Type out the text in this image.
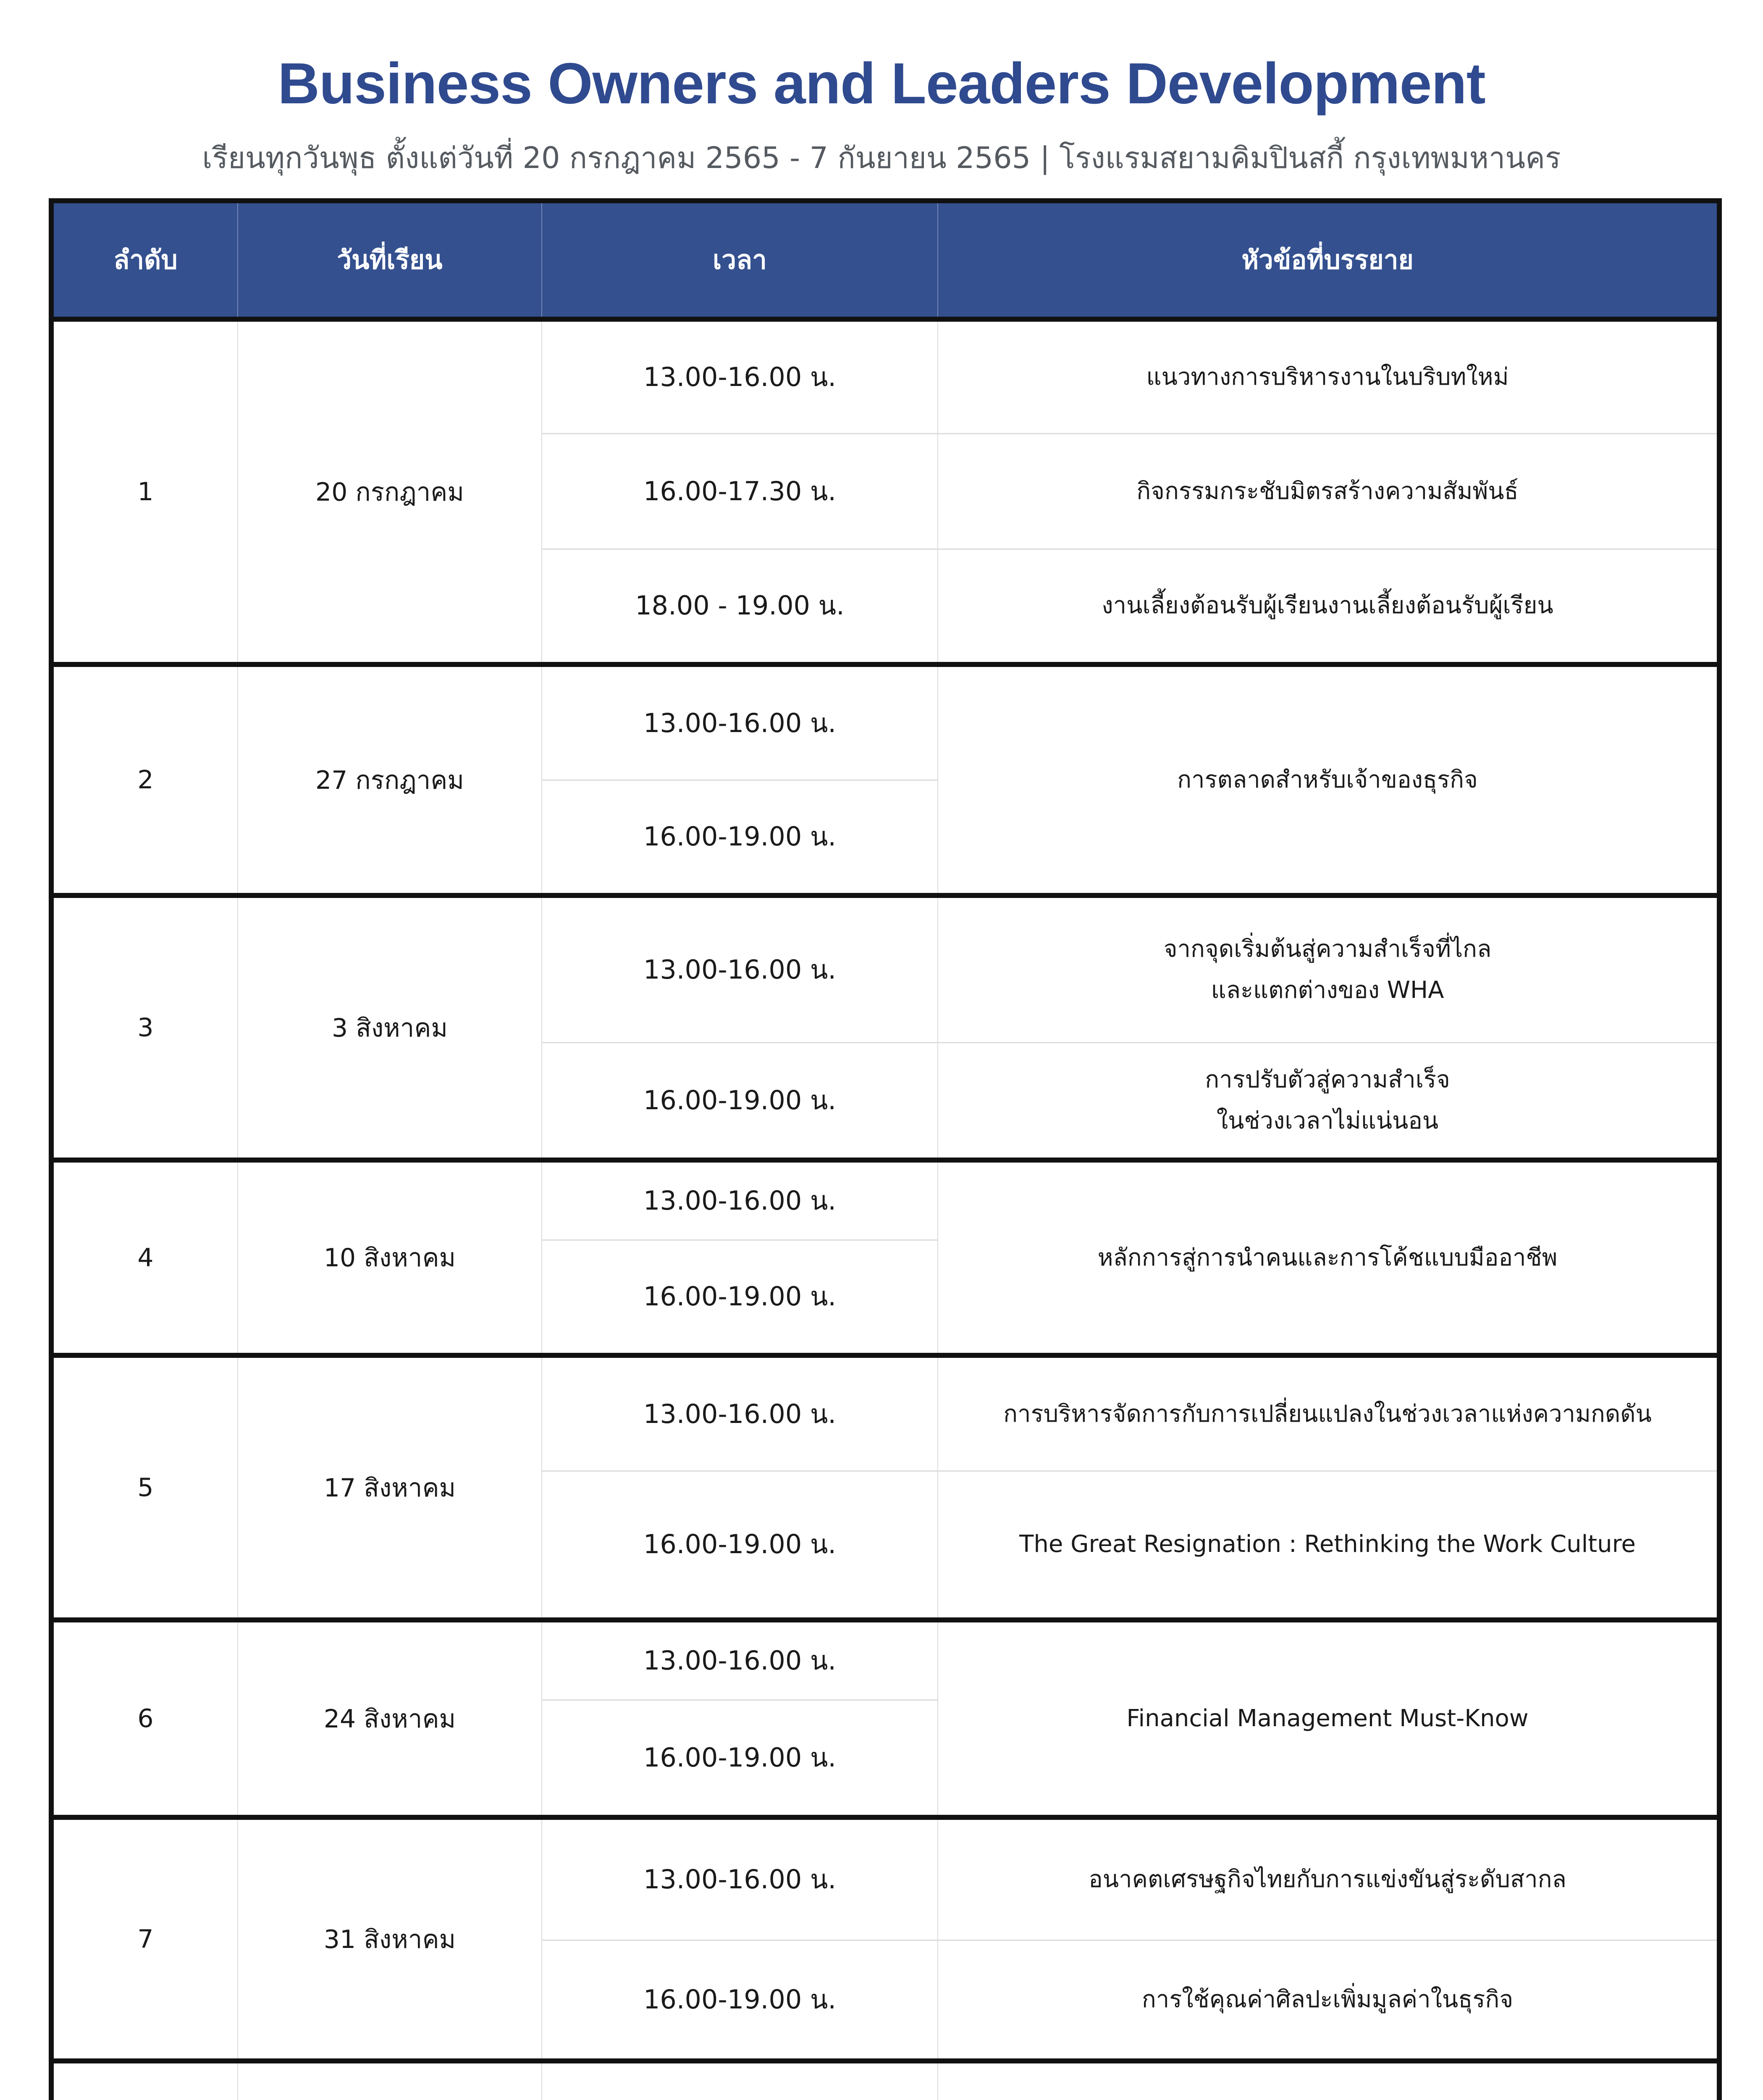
Business Owners and Leaders Development
เรียนทุกวันพุธ ตั้งแต่วันที่ 20 กรกฎาคม 2565 - 7 กันยายน 2565 | โรงแรมสยามคิมปินสกี้ กรุงเทพมหานคร
ลำดับ	วันที่เรียน	เวลา	หัวข้อที่บรรยาย
1	20 กรกฎาคม	13.00-16.00 น.	แนวทางการบริหารงานในบริบทใหม่

		16.00-17.30 น.	กิจกรรมกระชับมิตรสร้างความสัมพันธ์

		18.00 - 19.00 น.	งานเลี้ยงต้อนรับผู้เรียนงานเลี้ยงต้อนรับผู้เรียน

2	27 กรกฎาคม	13.00-16.00 น.	การตลาดสำหรับเจ้าของธุรกิจ

		16.00-19.00 น.	
3	3 สิงหาคม	13.00-16.00 น.	จากจุดเริ่มต้นสู่ความสำเร็จที่ไกล
และแตกต่างของ WHA

		16.00-19.00 น.	การปรับตัวสู่ความสำเร็จ
ในช่วงเวลาไม่แน่นอน

4	10 สิงหาคม	13.00-16.00 น.	หลักการสู่การนำคนและการโค้ชแบบมืออาชีพ

		16.00-19.00 น.	
5	17 สิงหาคม	13.00-16.00 น.	การบริหารจัดการกับการเปลี่ยนแปลงในช่วงเวลาแห่งความกดดัน

		16.00-19.00 น.	The Great Resignation : Rethinking the Work Culture

6	24 สิงหาคม	13.00-16.00 น.	Financial Management Must-Know

		16.00-19.00 น.	
7	31 สิงหาคม	13.00-16.00 น.	อนาคตเศรษฐกิจไทยกับการแข่งขันสู่ระดับสากล

		16.00-19.00 น.	การใช้คุณค่าศิลปะเพิ่มมูลค่าในธุรกิจ
